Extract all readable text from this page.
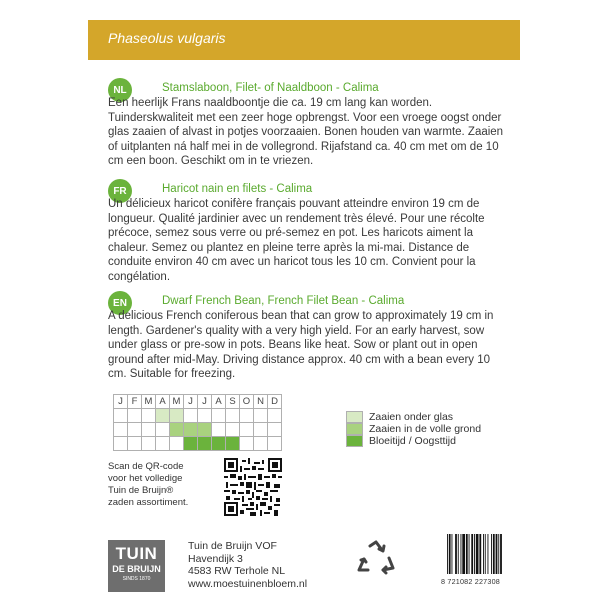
Phaseolus vulgaris
NL	Stamslaboon, Filet- of Naaldboon - Calima
Een heerlijk Frans naaldboontje die ca. 19 cm lang kan worden. Tuinderskwaliteit met een zeer hoge opbrengst. Voor een vroege oogst onder glas zaaien of alvast in potjes voorzaaien. Bonen houden van warmte. Zaaien of uitplanten ná half mei in de vollegrond. Rijafstand ca. 40 cm met om de 10 cm een boon. Geschikt om in te vriezen.
FR	Haricot nain en filets - Calima
Un délicieux haricot conifère français pouvant atteindre environ 19 cm de longueur. Qualité jardinier avec un rendement très élevé. Pour une récolte précoce, semez sous verre ou pré-semez en pot. Les haricots aiment la chaleur. Semez ou plantez en pleine terre après la mi-mai. Distance de conduite environ 40 cm avec un haricot tous les 10 cm. Convient pour la congélation.
EN	Dwarf French Bean, French Filet Bean - Calima
A delicious French coniferous bean that can grow to approximately 19 cm in length. Gardener's quality with a very high yield. For an early harvest, sow under glass or pre-sow in pots. Beans like heat. Sow or plant out in open ground after mid-May. Driving distance approx. 40 cm with a bean every 10 cm. Suitable for freezing.
J	F	M	A	M	J	J	A	S	O	N	D

Zaaien onder glas
Zaaien in de volle grond
Bloeitijd / Oogsttijd
Scan de QR-code
voor het volledige
Tuin de Bruijn®
zaden assortiment.
TUIN
DE BRUIJN
SINDS 1870
Tuin de Bruijn VOF
Havendijk 3
4583 RW Terhole NL
www.moestuinenbloem.nl	8 721082 227308
